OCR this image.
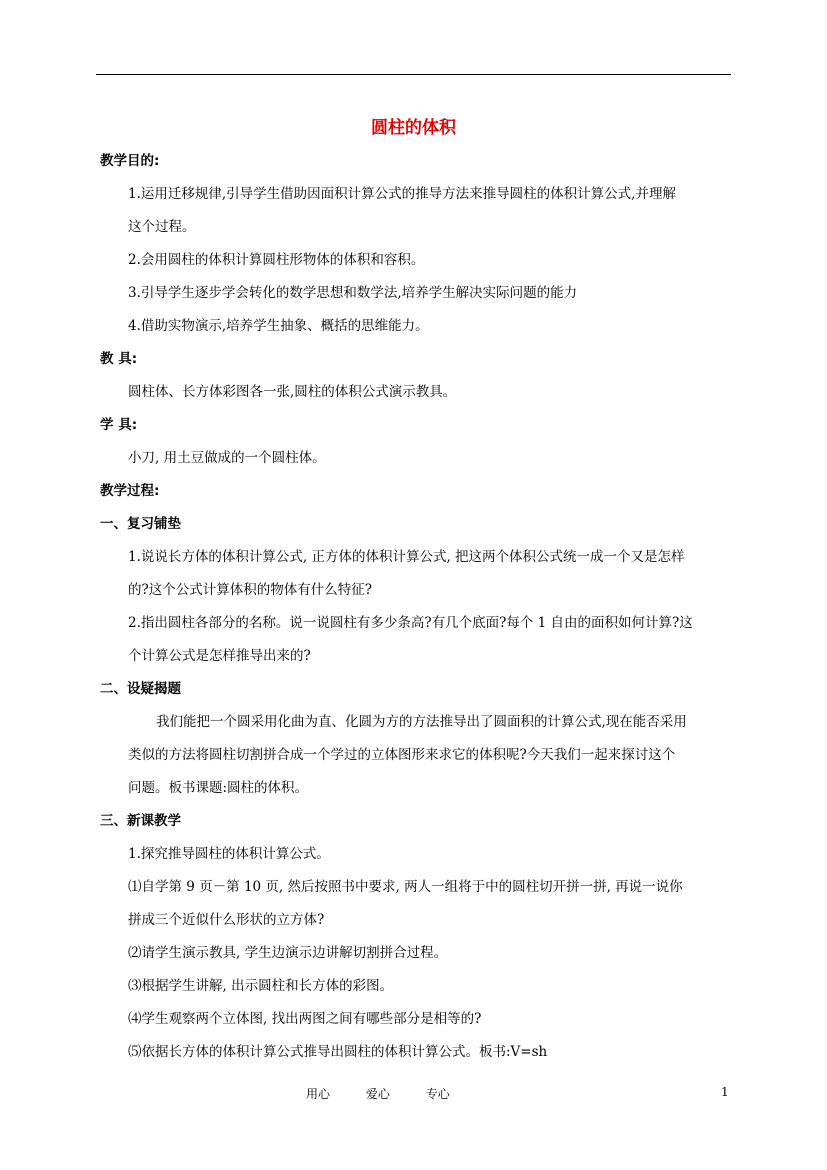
圆柱的体积
教学目的:
1.运用迁移规律,引导学生借助因面积计算公式的推导方法来推导圆柱的体积计算公式,并理解
这个过程。
2.会用圆柱的体积计算圆柱形物体的体积和容积。
3.引导学生逐步学会转化的数学思想和数学法,培养学生解决实际问题的能力
4.借助实物演示,培养学生抽象、概括的思维能力。
教 具:
圆柱体、长方体彩图各一张,圆柱的体积公式演示教具。
学 具:
小刀, 用土豆做成的一个圆柱体。
教学过程:
一、复习铺垫
1.说说长方体的体积计算公式, 正方体的体积计算公式, 把这两个体积公式统一成一个又是怎样
的?这个公式计算体积的物体有什么特征?
2.指出圆柱各部分的名称。说一说圆柱有多少条高?有几个底面?每个 1 自由的面积如何计算?这
个计算公式是怎样推导出来的?
二、设疑揭题
我们能把一个圆采用化曲为直、化圆为方的方法推导出了圆面积的计算公式,现在能否采用
类似的方法将圆柱切割拼合成一个学过的立体图形来求它的体积呢?今天我们一起来探讨这个
问题。板书课题:圆柱的体积。
三、新课教学
1.探究推导圆柱的体积计算公式。
⑴自学第 9 页－第 10 页, 然后按照书中要求, 两人一组将于中的圆柱切开拼一拼, 再说一说你
拼成三个近似什么形状的立方体?
⑵请学生演示教具, 学生边演示边讲解切割拼合过程。
⑶根据学生讲解, 出示圆柱和长方体的彩图。
⑷学生观察两个立体图, 找出两图之间有哪些部分是相等的?
⑸依据长方体的体积计算公式推导出圆柱的体积计算公式。板书:V=sh
用心	爱心	专心	1
